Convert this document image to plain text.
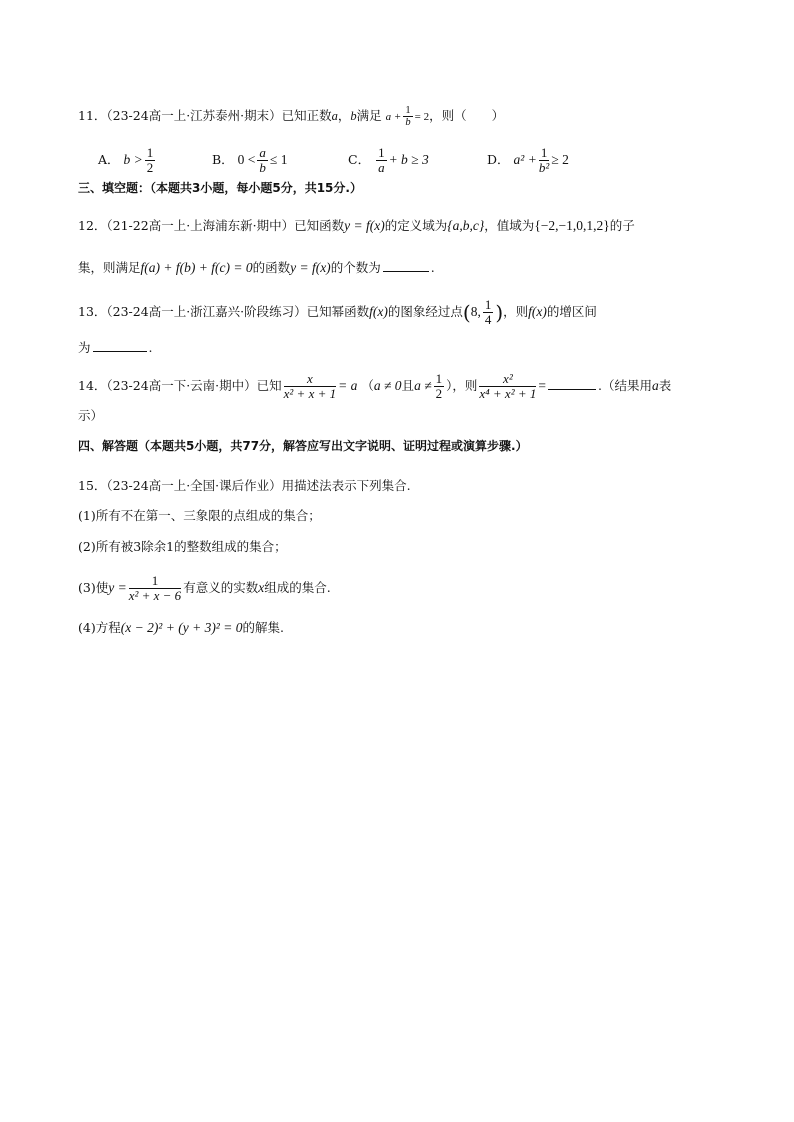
11．（23-24高一上·江苏泰州·期末）已知正数a，b满足 $a + \frac{1}{b} = 2$，则（　　）
A． $b > \frac{1}{2}$	B． $0 < \frac{a}{b} \le 1$	C． $\frac{1}{a} + b \ge 3$	D． $a^2 + \frac{1}{\text{b²}} \ge 2$
三、填空题：（本题共3小题，每小题5分，共15分.）
12．（21-22高一上·上海浦东新·期中）已知函数y = f(x)的定义域为{a,b,c}，值域为{−2,−1,0,1,2}的子
集，则满足f(a) + f(b) + f(c) = 0的函数y = f(x)的个数为	.
13．（23-24高一上·浙江嘉兴·阶段练习）已知幂函数f(x)的图象经过点(8, $\frac{1}{4}$ )，则f(x)的增区间
为	.
14．（23-24高一下·云南·期中）已知 $\frac{x}{\text{x² + x + 1}} = a$ （a ≠ 0且$a \ne \frac{1}{2}$ ），则 $\frac{\text{x²}}{\text{x⁴ + x² + 1}}$ =	.（结果用a表
示）
四、解答题（本题共5小题，共77分，解答应写出文字说明、证明过程或演算步骤.）
15．（23-24高一上·全国·课后作业）用描述法表示下列集合.
(1)所有不在第一、三象限的点组成的集合；
(2)所有被3除余1的整数组成的集合；
(3)使$y = \frac{1}{\text{x² + x − 6}}$ 有意义的实数x组成的集合.
(4)方程(x − 2)² + (y + 3)² = 0的解集.
